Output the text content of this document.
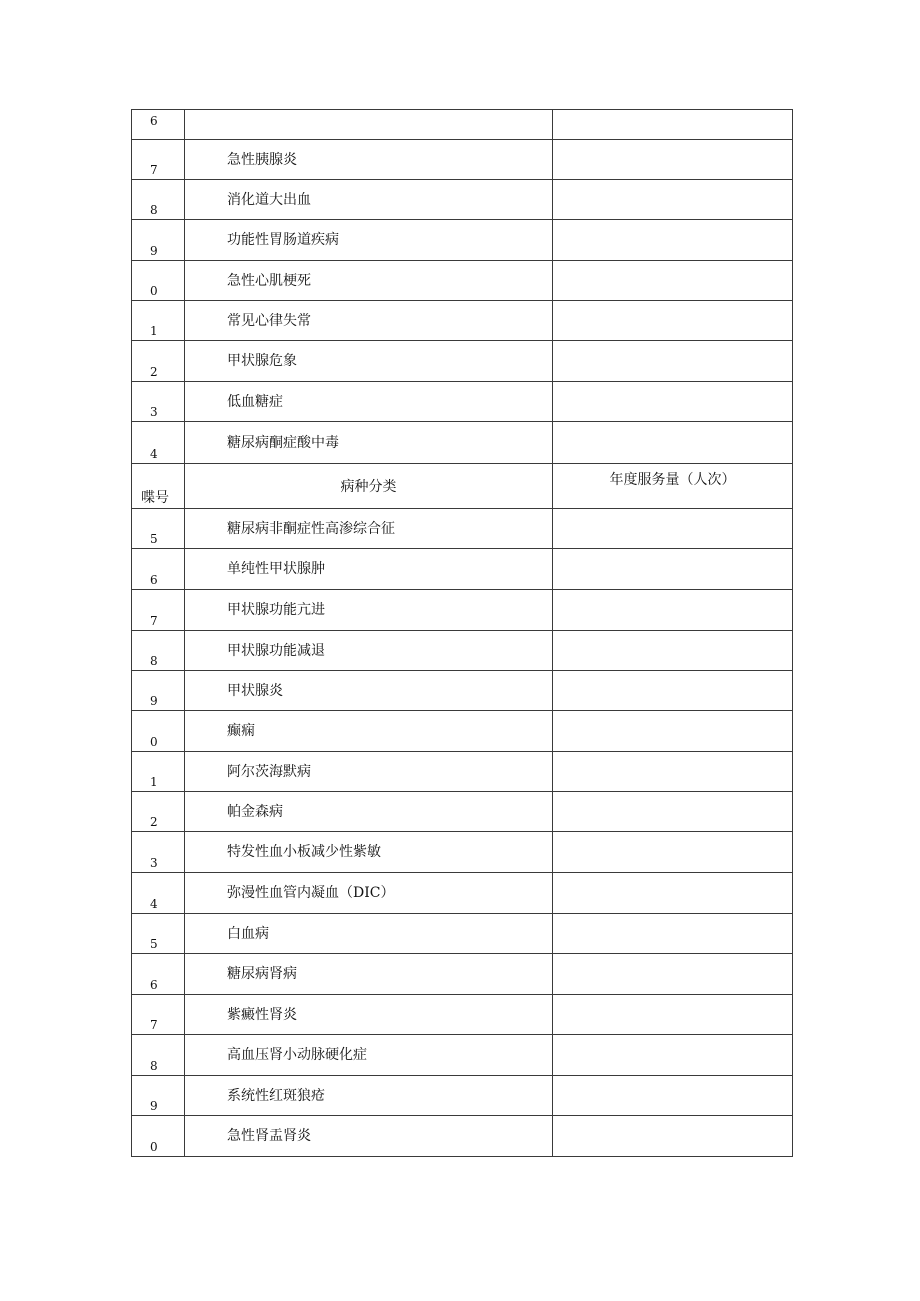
6		

7	急性胰腺炎	

8	消化道大出血	

9	功能性胃肠道疾病	

0	急性心肌梗死	

1	常见心律失常	

2	甲状腺危象	

3	低血糖症	

4	糖尿病酮症酸中毒	

喋号	病种分类	年度服务量（人次）

5	糖尿病非酮症性高渗综合征	

6	单纯性甲状腺肿	

7	甲状腺功能亢进	

8	甲状腺功能减退	

9	甲状腺炎	

0	癫痫	

1	阿尔茨海默病	

2	帕金森病	

3	特发性血小板减少性紫敏	

4	弥漫性血管内凝血（DIC）	

5	白血病	

6	糖尿病肾病	

7	紫癜性肾炎	

8	高血压肾小动脉硬化症	

9	系统性红斑狼疮	

0	急性肾盂肾炎	
